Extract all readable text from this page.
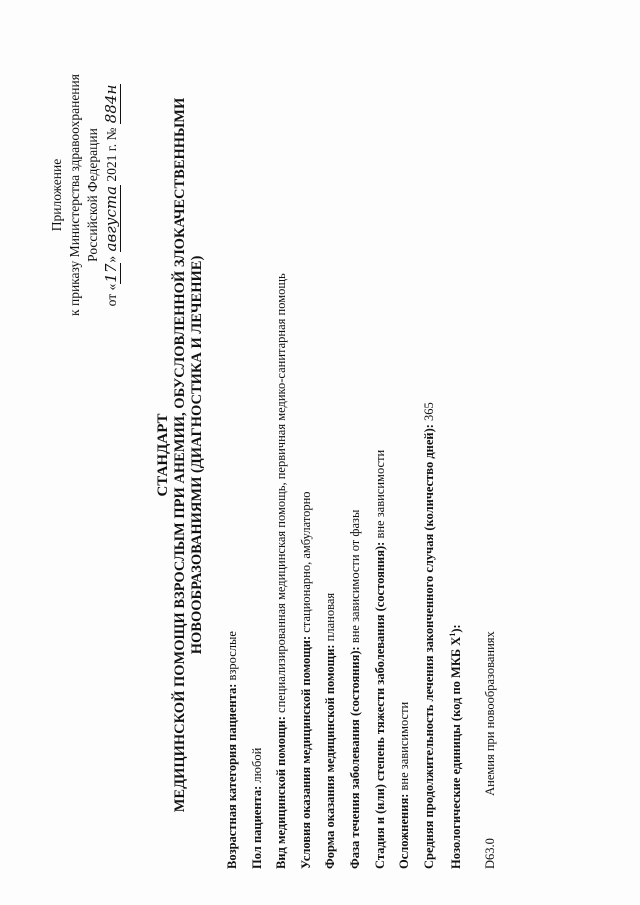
Приложение к приказу Министерства здравоохранения Российской Федерации
от «17» августа 2021 г. № 884н
СТАНДАРТ МЕДИЦИНСКОЙ ПОМОЩИ ВЗРОСЛЫМ ПРИ АНЕМИИ, ОБУСЛОВЛЕННОЙ ЗЛОКАЧЕСТВЕННЫМИ НОВООБРАЗОВАНИЯМИ (ДИАГНОСТИКА И ЛЕЧЕНИЕ)
Возрастная категория пациента: взрослые
Пол пациента: любой Вид медицинской помощи: специализированная медицинская помощь, первичная медико-санитарная помощь
Условия оказания медицинской помощи: стационарно, амбулаторно
Форма оказания медицинской помощи: плановая
Фаза течения заболевания (состояния): вне зависимости от фазы Стадия и (или) степень тяжести заболевания (состояния): вне зависимости
Осложнения: вне зависимости Средняя продолжительность лечения законченного случая (количество дней): 365
Нозологические единицы (код по МКБ $X^1$):
D63.0 Анемия при новообразованиях
